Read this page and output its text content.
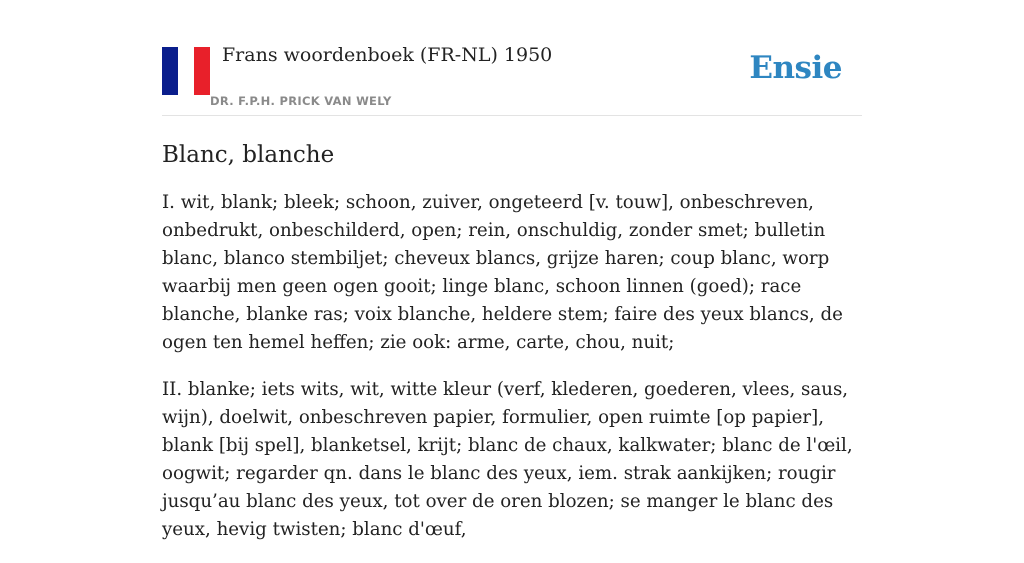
Frans woordenboek (FR-NL) 1950
DR. F.P.H. PRICK VAN WELY
Ensie
Blanc, blanche

I. wit, blank; bleek; schoon, zuiver, ongeteerd [v. touw], onbeschreven, onbedrukt, onbeschilderd, open; rein, onschuldig, zonder smet; bulletin blanc, blanco stembiljet; cheveux blancs, grijze haren; coup blanc, worp waarbij men geen ogen gooit; linge blanc, schoon linnen (goed); race blanche, blanke ras; voix blanche, heldere stem; faire des yeux blancs, de ogen ten hemel heffen; zie ook: arme, carte, chou, nuit;

II. blanke; iets wits, wit, witte kleur (verf, klederen, goederen, vlees, saus, wijn), doelwit, onbeschreven papier, formulier, open ruimte [op papier], blank [bij spel], blanketsel, krijt; blanc de chaux, kalkwater; blanc de l'œil, oogwit; regarder qn. dans le blanc des yeux, iem. strak aankijken; rougir jusqu’au blanc des yeux, tot over de oren blozen; se manger le blanc des yeux, hevig twisten; blanc d'œuf,
